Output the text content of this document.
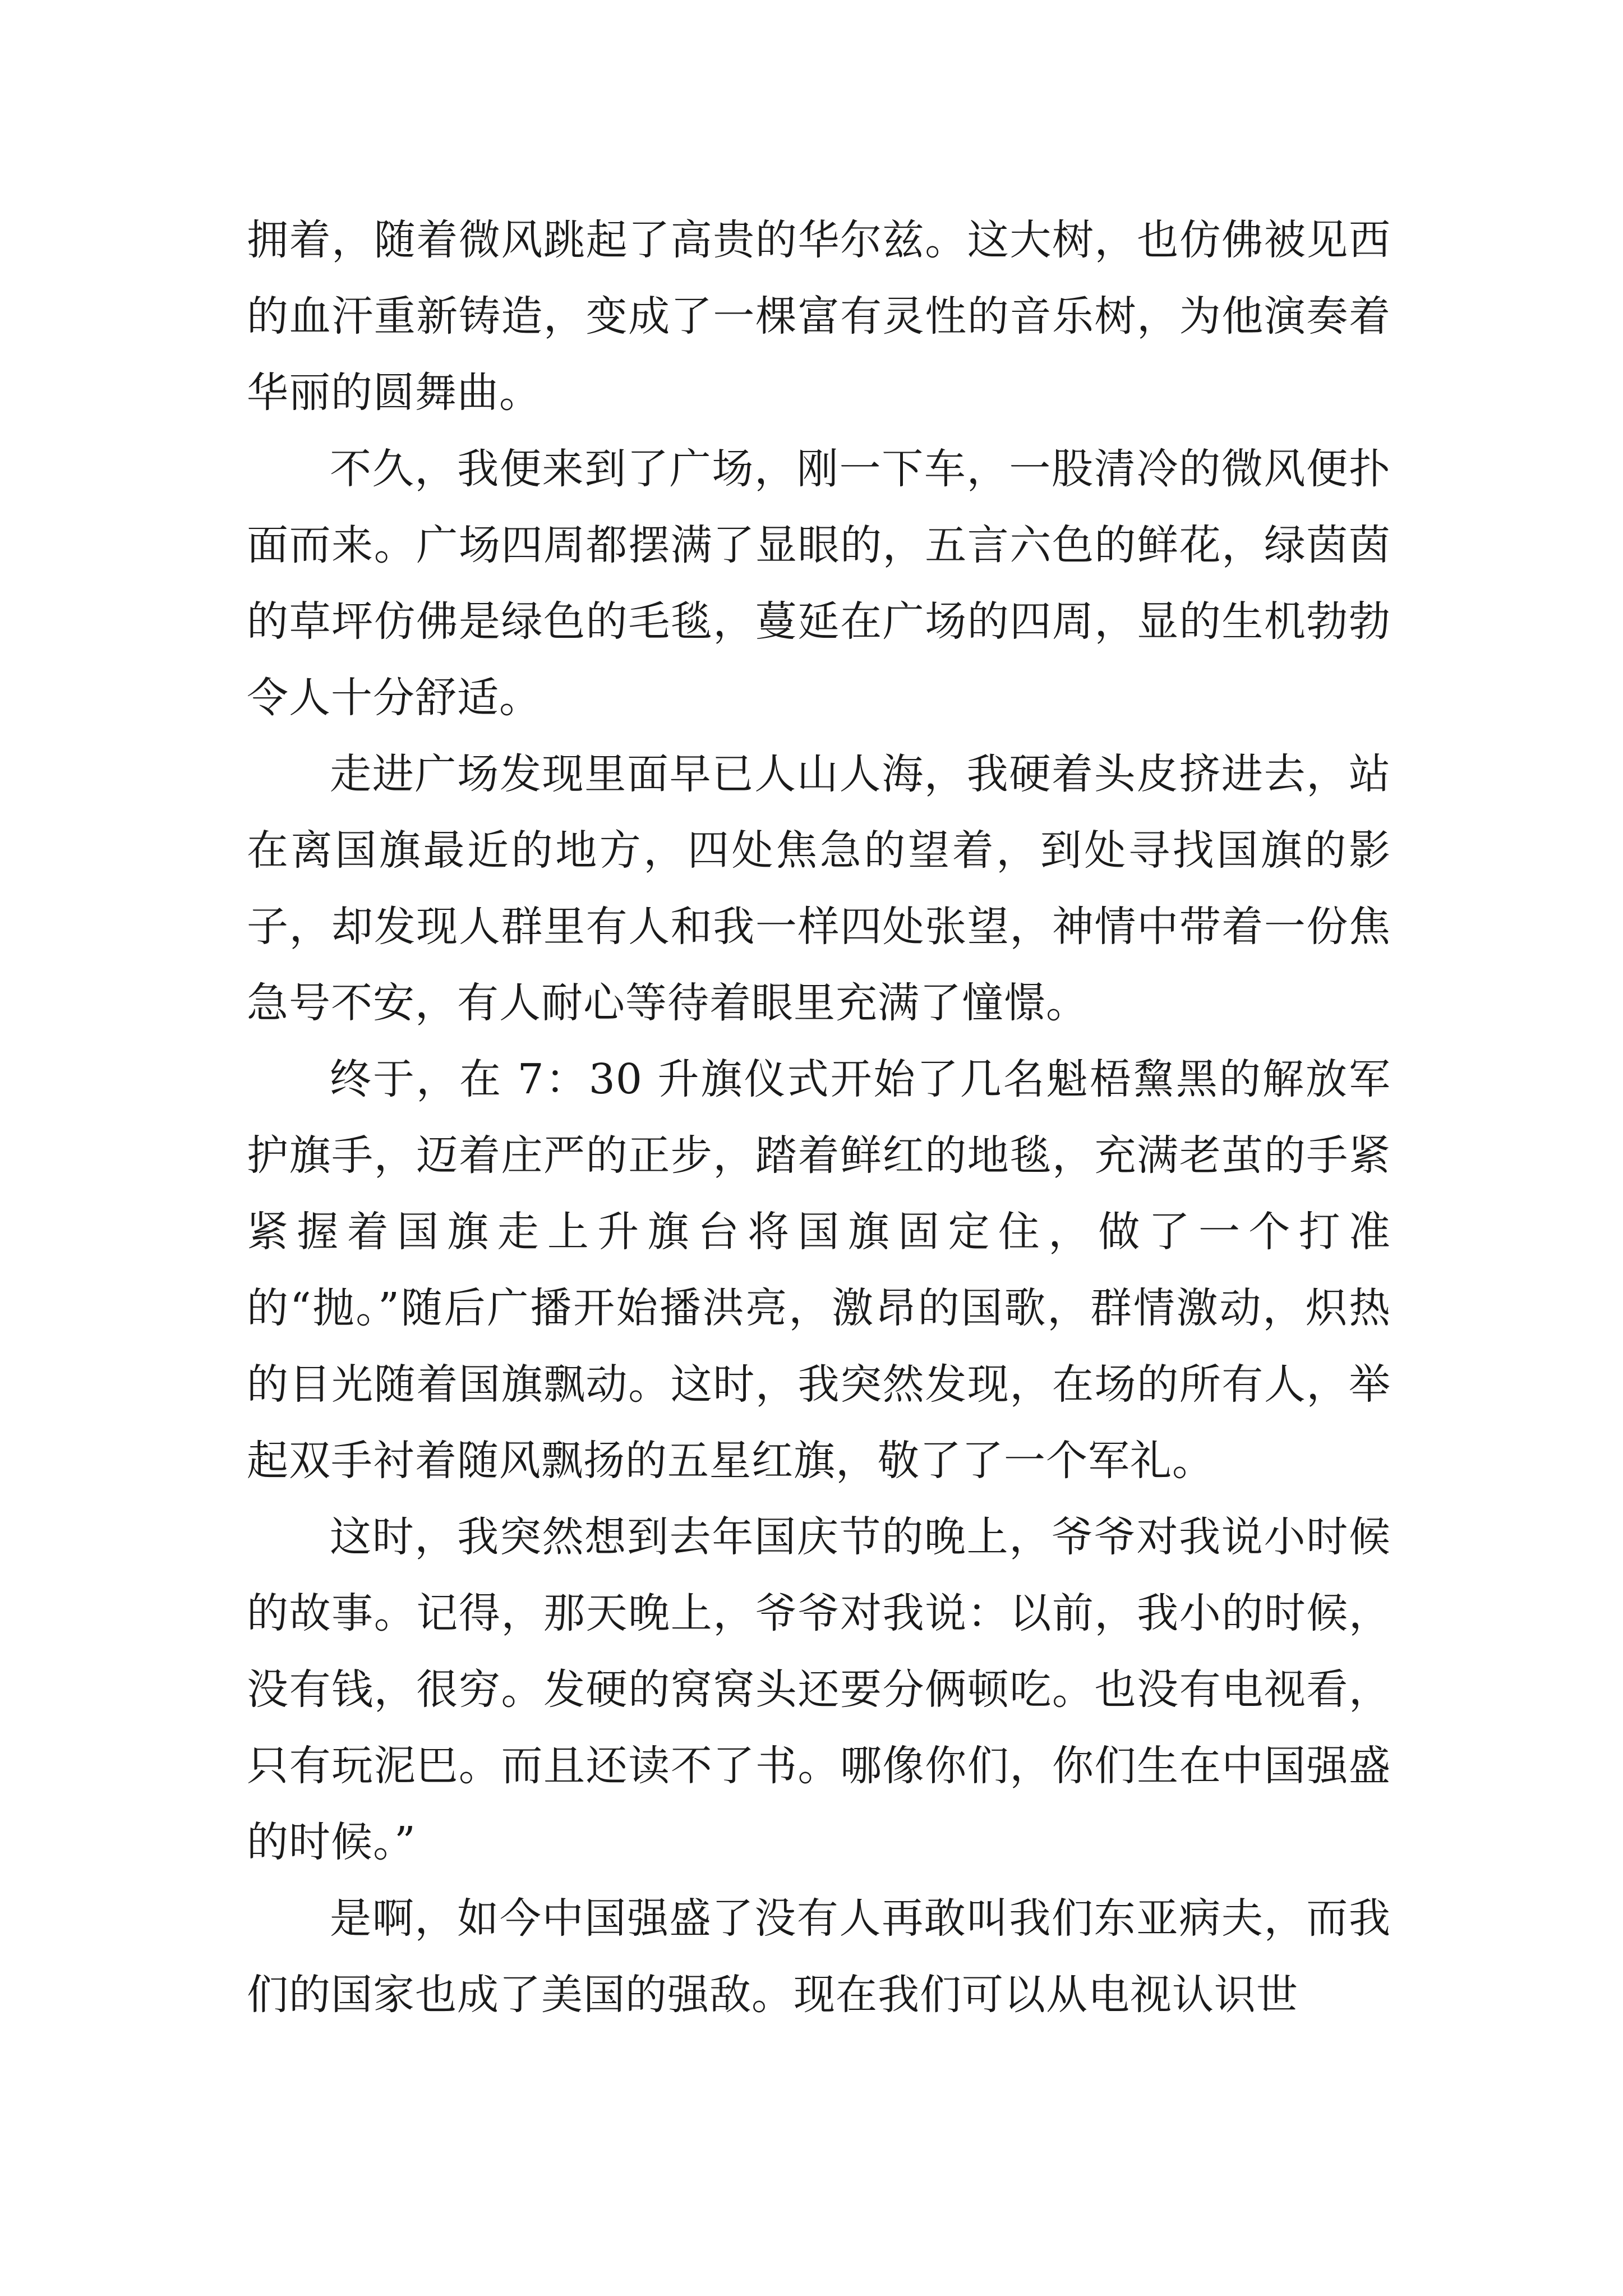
拥着，随着微风跳起了高贵的华尔兹。这大树，也仿佛被见西的血汗重新铸造，变成了一棵富有灵性的音乐树，为他演奏着华丽的圆舞曲。

不久，我便来到了广场，刚一下车，一股清冷的微风便扑面而来。广场四周都摆满了显眼的，五言六色的鲜花，绿茵茵的草坪仿佛是绿色的毛毯，蔓延在广场的四周，显的生机勃勃令人十分舒适。

走进广场发现里面早已人山人海，我硬着头皮挤进去，站在离国旗最近的地方，四处焦急的望着，到处寻找国旗的影子，却发现人群里有人和我一样四处张望，神情中带着一份焦急号不安，有人耐心等待着眼里充满了憧憬。

终于，在 7：30 升旗仪式开始了几名魁梧黧黑的解放军护旗手，迈着庄严的正步，踏着鲜红的地毯，充满老茧的手紧紧握着国旗走上升旗台将国旗固定住，做了一个打准的“抛。”随后广播开始播洪亮，激昂的国歌，群情激动，炽热的目光随着国旗飘动。这时，我突然发现，在场的所有人，举起双手衬着随风飘扬的五星红旗，敬了了一个军礼。

这时，我突然想到去年国庆节的晚上，爷爷对我说小时候的故事。记得，那天晚上，爷爷对我说：以前，我小的时候，没有钱，很穷。发硬的窝窝头还要分俩顿吃。也没有电视看，只有玩泥巴。而且还读不了书。哪像你们，你们生在中国强盛的时候。”

是啊，如今中国强盛了没有人再敢叫我们东亚病夫，而我们的国家也成了美国的强敌。现在我们可以从电视认识世
